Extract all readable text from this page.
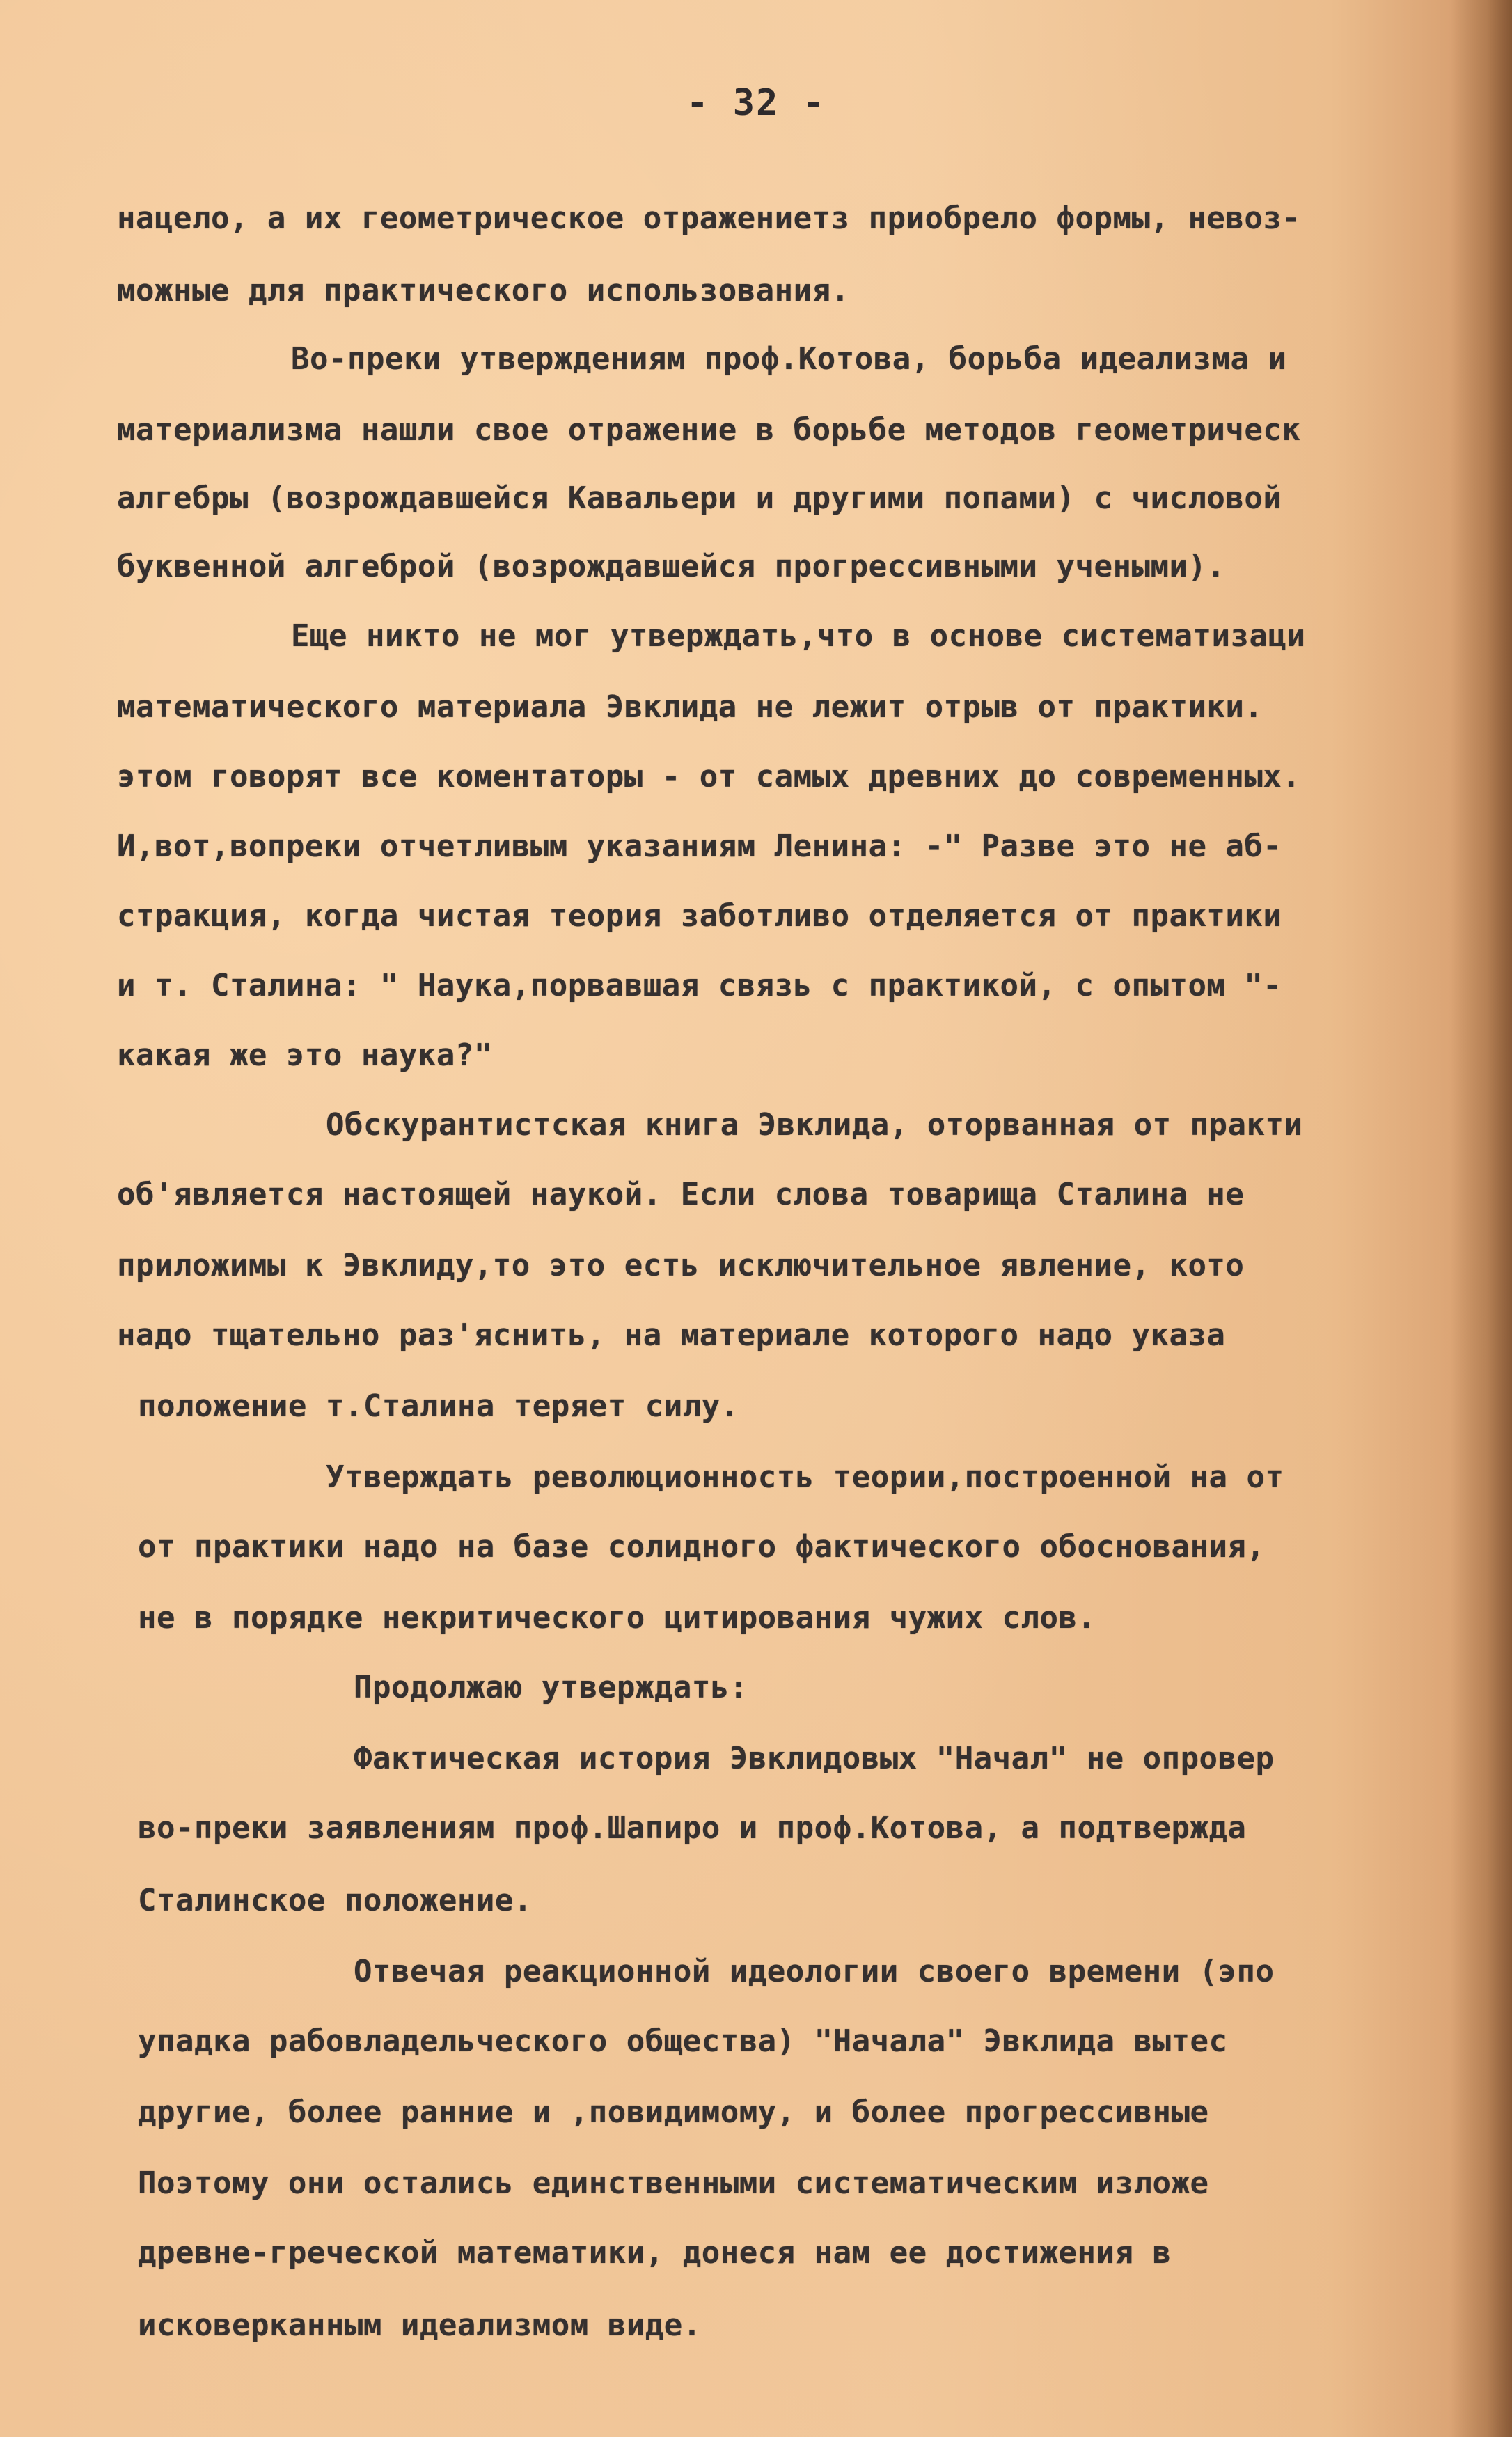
- 32 -
нацело, а их геометрическое отражениетз приобрело формы, невоз-
можные для практического использования.
Во-преки утверждениям проф.Котова, борьба идеализма и
материализма нашли свое отражение в борьбе методов геометрическ
алгебры (возрождавшейся Кавальери и другими попами) с числовой
буквенной алгеброй (возрождавшейся прогрессивными учеными).
Еще никто не мог утверждать,что в основе систематизаци
математического материала Эвклида не лежит отрыв от практики.
этом говорят все коментаторы - от самых древних до современных.
И,вот,вопреки отчетливым указаниям Ленина: -" Разве это не аб-
стракция, когда чистая теория заботливо отделяется от практики
и т. Сталина: " Наука,порвавшая связь с практикой, с опытом "-
какая же это наука?"
Обскурантистская книга Эвклида, оторванная от практи
об'является настоящей наукой. Если слова товарища Сталина не
приложимы к Эвклиду,то это есть исключительное явление, кото
надо тщательно раз'яснить, на материале которого надо указа
положение т.Сталина теряет силу.
Утверждать революционность теории,построенной на от
от практики надо на базе солидного фактического обоснования,
не в порядке некритического цитирования чужих слов.
Продолжаю утверждать:
Фактическая история Эвклидовых "Начал" не опровер
во-преки заявлениям проф.Шапиро и проф.Котова, а подтвержда
Сталинское положение.
Отвечая реакционной идеологии своего времени (эпо
упадка рабовладельческого общества) "Начала" Эвклида вытес
другие, более ранние и ,повидимому, и более прогрессивные
Поэтому они остались единственными систематическим изложе
древне-греческой математики, донеся нам ее достижения в
исковерканным идеализмом виде.
